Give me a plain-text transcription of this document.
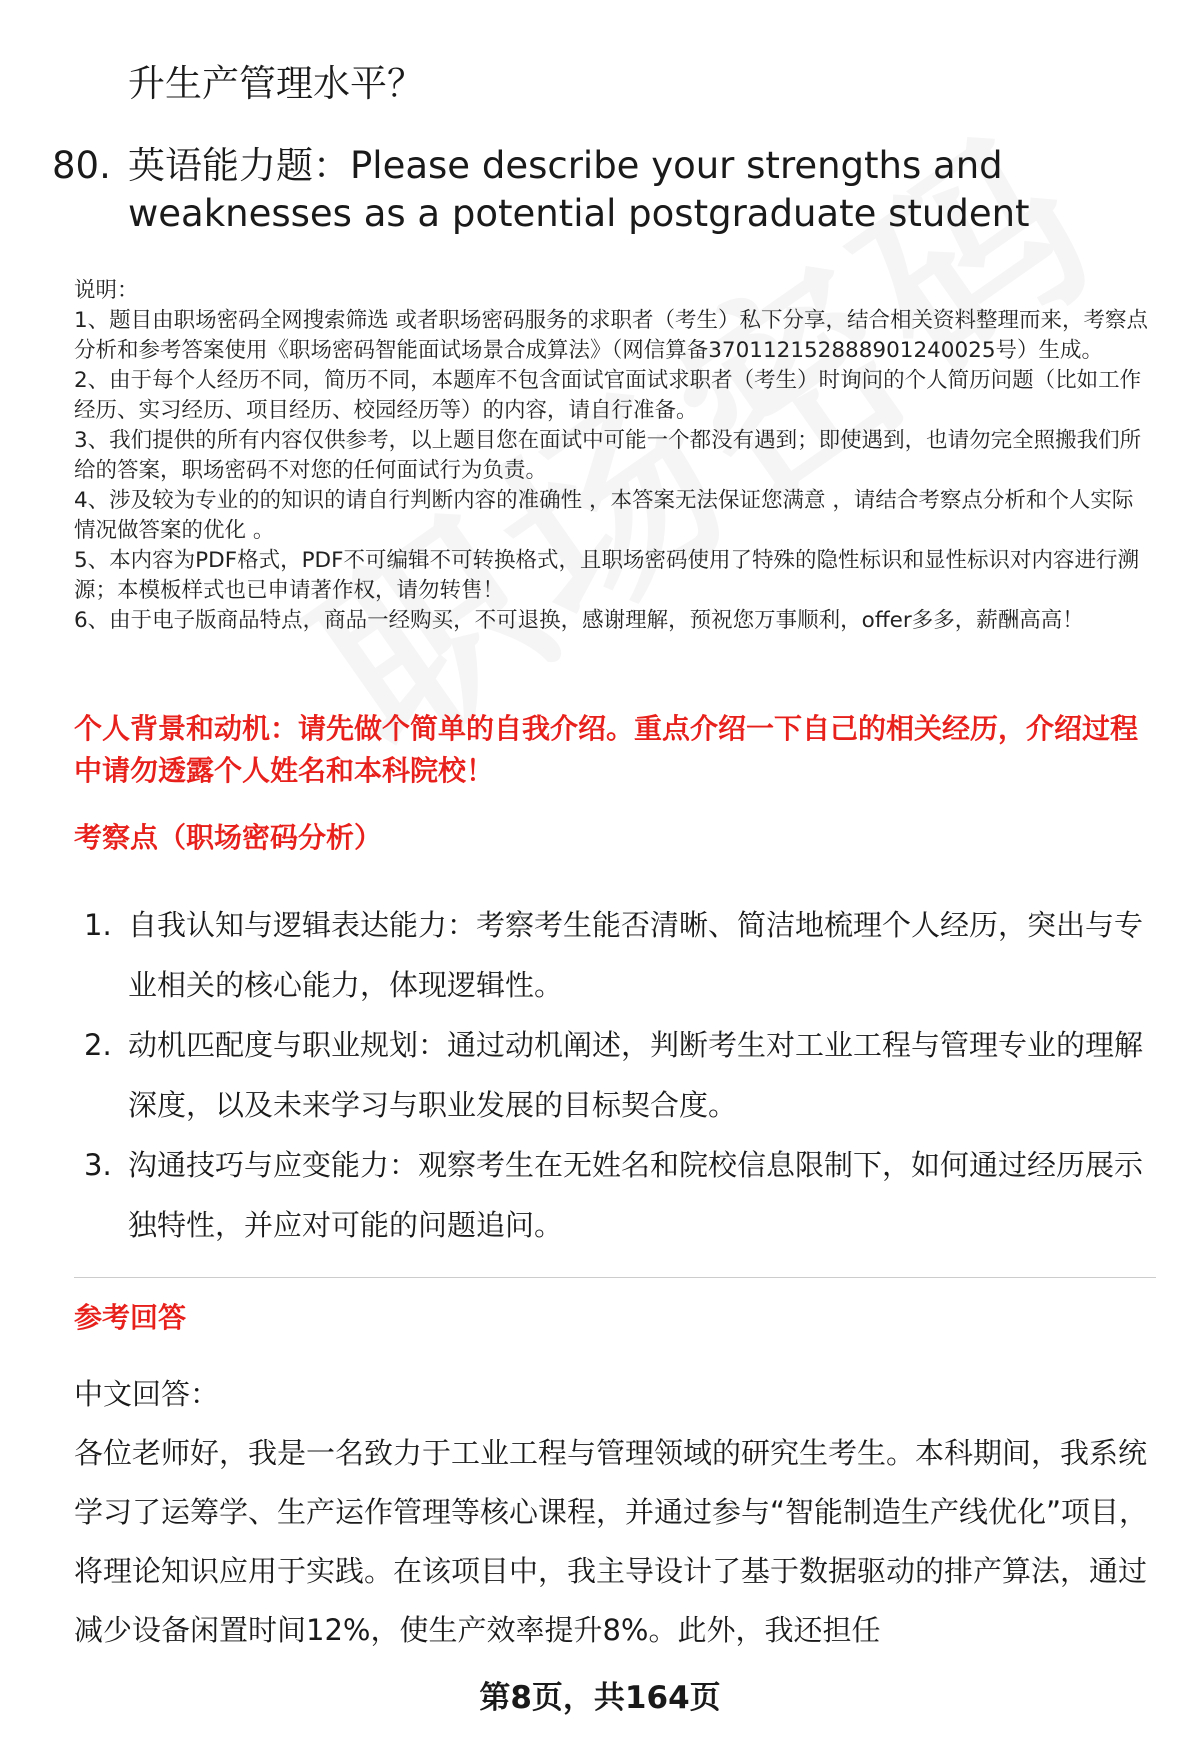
升生产管理水平？
80. 英语能力题：Please describe your strengths and weaknesses as a potential postgraduate student
说明：
1、题目由职场密码全网搜索筛选 或者职场密码服务的求职者（考生）私下分享，结合相关资料整理而来，考察点分析和参考答案使用《职场密码智能面试场景合成算法》（网信算备370112152888901240025号）生成。
2、由于每个人经历不同，简历不同，本题库不包含面试官面试求职者（考生）时询问的个人简历问题（比如工作经历、实习经历、项目经历、校园经历等）的内容，请自行准备。
3、我们提供的所有内容仅供参考，以上题目您在面试中可能一个都没有遇到；即使遇到，也请勿完全照搬我们所给的答案，职场密码不对您的任何面试行为负责。
4、涉及较为专业的的知识的请自行判断内容的准确性 ，本答案无法保证您满意 ，请结合考察点分析和个人实际情况做答案的优化 。
5、本内容为PDF格式，PDF不可编辑不可转换格式，且职场密码使用了特殊的隐性标识和显性标识对内容进行溯源；本模板样式也已申请著作权，请勿转售！
6、由于电子版商品特点，商品一经购买，不可退换，感谢理解，预祝您万事顺利，offer多多，薪酬高高！
个人背景和动机：请先做个简单的自我介绍。重点介绍一下自己的相关经历，介绍过程中请勿透露个人姓名和本科院校！
考察点（职场密码分析）
1. 自我认知与逻辑表达能力：考察考生能否清晰、简洁地梳理个人经历，突出与专业相关的核心能力，体现逻辑性。
2. 动机匹配度与职业规划：通过动机阐述，判断考生对工业工程与管理专业的理解深度，以及未来学习与职业发展的目标契合度。
3. 沟通技巧与应变能力：观察考生在无姓名和院校信息限制下，如何通过经历展示独特性，并应对可能的问题追问。
参考回答
中文回答：
各位老师好，我是一名致力于工业工程与管理领域的研究生考生。本科期间，我系统学习了运筹学、生产运作管理等核心课程，并通过参与“智能制造生产线优化”项目，将理论知识应用于实践。在该项目中，我主导设计了基于数据驱动的排产算法，通过减少设备闲置时间12%，使生产效率提升8%。此外，我还担任
第8页，共164页
